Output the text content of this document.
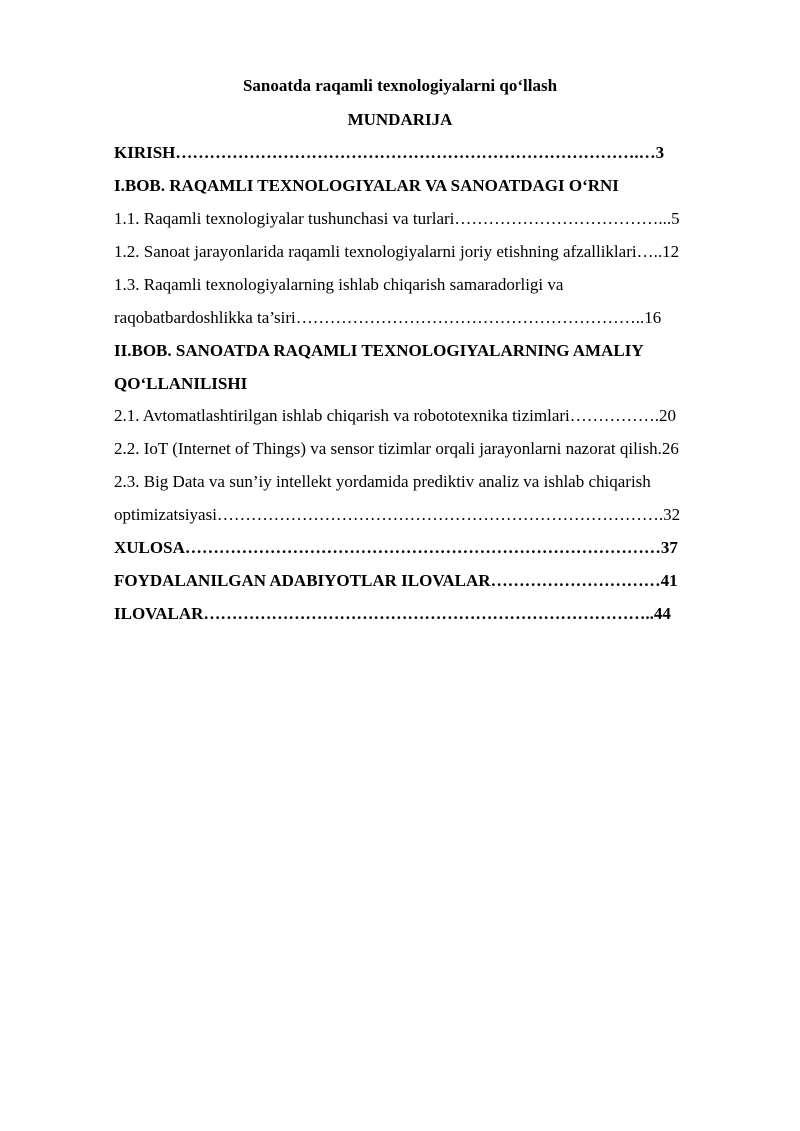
Sanoatda raqamli texnologiyalarni qo‘llash
MUNDARIJA
KIRISH……………………………………………………………………….…3
I.BOB. RAQAMLI TEXNOLOGIYALAR VA SANOATDAGI O‘RNI
1.1. Raqamli texnologiyalar tushunchasi va turlari………………………………...5
1.2. Sanoat jarayonlarida raqamli texnologiyalarni joriy etishning afzalliklari…..12
1.3. Raqamli texnologiyalarning ishlab chiqarish samaradorligi va
raqobatbardoshlikka ta’siri……………………………………………………..16
II.BOB. SANOATDA RAQAMLI TEXNOLOGIYALARNING AMALIY
QO‘LLANILISHI
2.1. Avtomatlashtirilgan ishlab chiqarish va robototexnika tizimlari…………….20
2.2. IoT (Internet of Things) va sensor tizimlar orqali jarayonlarni nazorat qilish.26
2.3. Big Data va sun’iy intellekt yordamida prediktiv analiz va ishlab chiqarish
optimizatsiyasi…………………………………………………………………….32
XULOSA…………………………………………………………………………37
FOYDALANILGAN ADABIYOTLAR ILOVALAR…………………………41
ILOVALAR……………………………………………………………………..44
